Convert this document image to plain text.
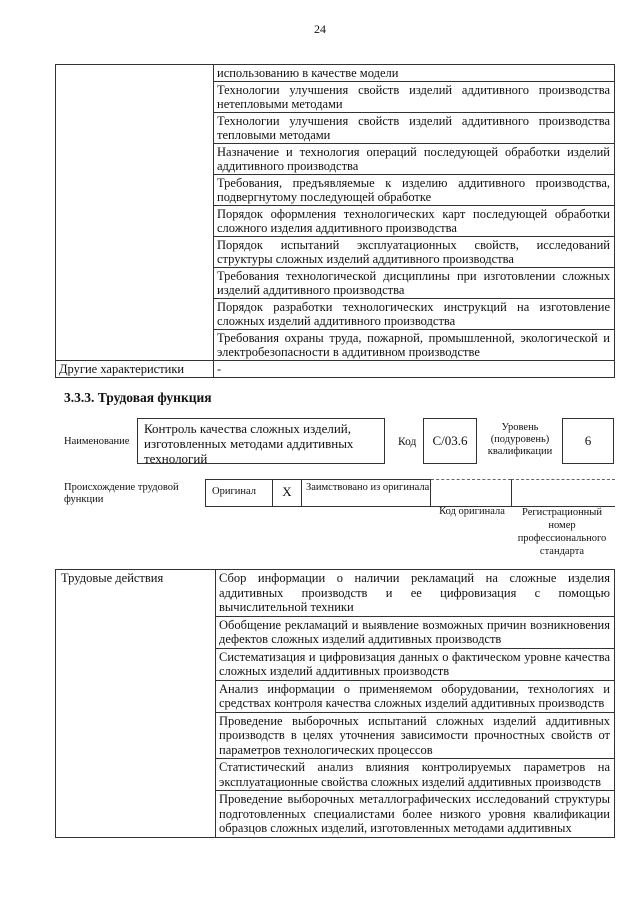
24
	использованию в качестве модели
	Технологии улучшения свойств изделий аддитивного производства нетепловыми методами
	Технологии улучшения свойств изделий аддитивного производства тепловыми методами
	Назначение и технология операций последующей обработки изделий аддитивного производства
	Требования, предъявляемые к изделию аддитивного производства, подвергнутому последующей обработке
	Порядок оформления технологических карт последующей обработки сложного изделия аддитивного производства
	Порядок испытаний эксплуатационных свойств, исследований структуры сложных изделий аддитивного производства
	Требования технологической дисциплины при изготовлении сложных изделий аддитивного производства
	Порядок разработки технологических инструкций на изготовление сложных изделий аддитивного производства
	Требования охраны труда, пожарной, промышленной, экологической и электробезопасности в аддитивном производстве
Другие характеристики	-
3.3.3. Трудовая функция
Наименование
Контроль качества сложных изделий, изготовленных методами аддитивных технологий
Код	С/03.6
Уровень (подуровень) квалификации
6
Происхождение трудовой функции
Оригинал	X	Заимствовано из оригинала
Код оригинала	Регистрационный номер профессионального стандарта
Трудовые действия	Сбор информации о наличии рекламаций на сложные изделия аддитивных производств и ее цифровизация с помощью вычислительной техники
Обобщение рекламаций и выявление возможных причин возникновения дефектов сложных изделий аддитивных производств
Систематизация и цифровизация данных о фактическом уровне качества сложных изделий аддитивных производств
Анализ информации о применяемом оборудовании, технологиях и средствах контроля качества сложных изделий аддитивных производств
Проведение выборочных испытаний сложных изделий аддитивных производств в целях уточнения зависимости прочностных свойств от параметров технологических процессов
Статистический анализ влияния контролируемых параметров на эксплуатационные свойства сложных изделий аддитивных производств
Проведение выборочных металлографических исследований структуры подготовленных специалистами более низкого уровня квалификации образцов сложных изделий, изготовленных методами аддитивных
